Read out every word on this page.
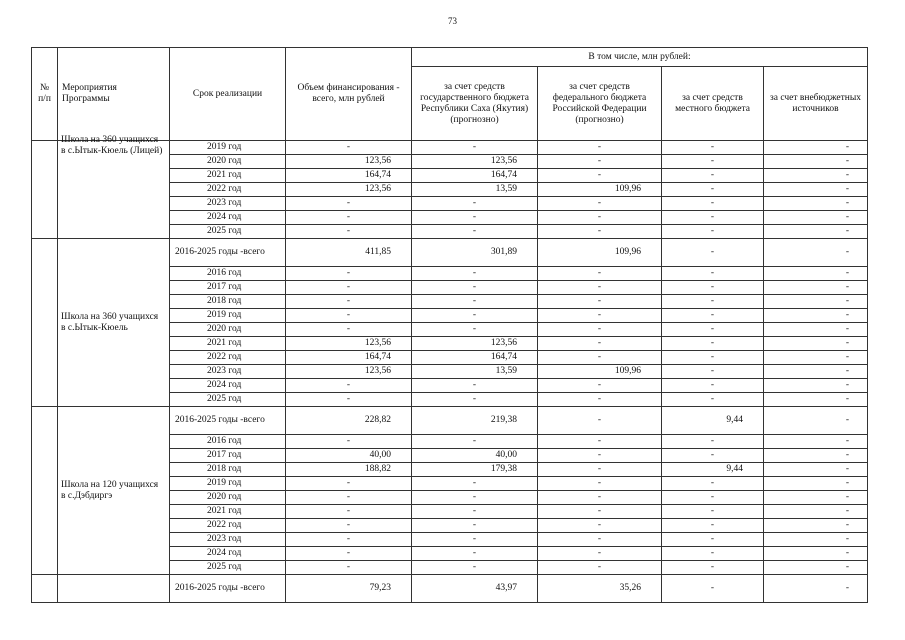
73
№ п/п	Мероприятия Программы	Срок реализации	Объем финансирования - всего, млн рублей	В том числе, млн рублей:			
				за счет средств государственного бюджета Республики Саха (Якутия) (прогнозно)	за счет средств федерального бюджета Российской Федерации (прогнозно)	за счет средств местного бюджета	за счет внебюджетных источников

	Школа на 360 учащихся в с.Ытык-Кюель (Лицей)	2019 год	-	-	-	-	-
		2020 год	123,56	123,56	-	-	-
		2021 год	164,74	164,74	-	-	-
		2022 год	123,56	13,59	109,96	-	-
		2023 год	-	-	-	-	-
		2024 год	-	-	-	-	-
		2025 год	-	-	-	-	-
	Школа на 360 учащихся в с.Ытык-Кюель	2016-2025 годы -всего	411,85	301,89	109,96	-	-
		2016 год	-	-	-	-	-
		2017 год	-	-	-	-	-
		2018 год	-	-	-	-	-
		2019 год	-	-	-	-	-
		2020 год	-	-	-	-	-
		2021 год	123,56	123,56	-	-	-
		2022 год	164,74	164,74	-	-	-
		2023 год	123,56	13,59	109,96	-	-
		2024 год	-	-	-	-	-
		2025 год	-	-	-	-	-
	Школа на 120 учащихся в с.Дэбдиргэ	2016-2025 годы -всего	228,82	219,38	-	9,44	-
		2016 год	-	-	-	-	-
		2017 год	40,00	40,00	-	-	-
		2018 год	188,82	179,38	-	9,44	-
		2019 год	-	-	-	-	-
		2020 год	-	-	-	-	-
		2021 год	-	-	-	-	-
		2022 год	-	-	-	-	-
		2023 год	-	-	-	-	-
		2024 год	-	-	-	-	-
		2025 год	-	-	-	-	-
		2016-2025 годы -всего	79,23	43,97	35,26	-	-
